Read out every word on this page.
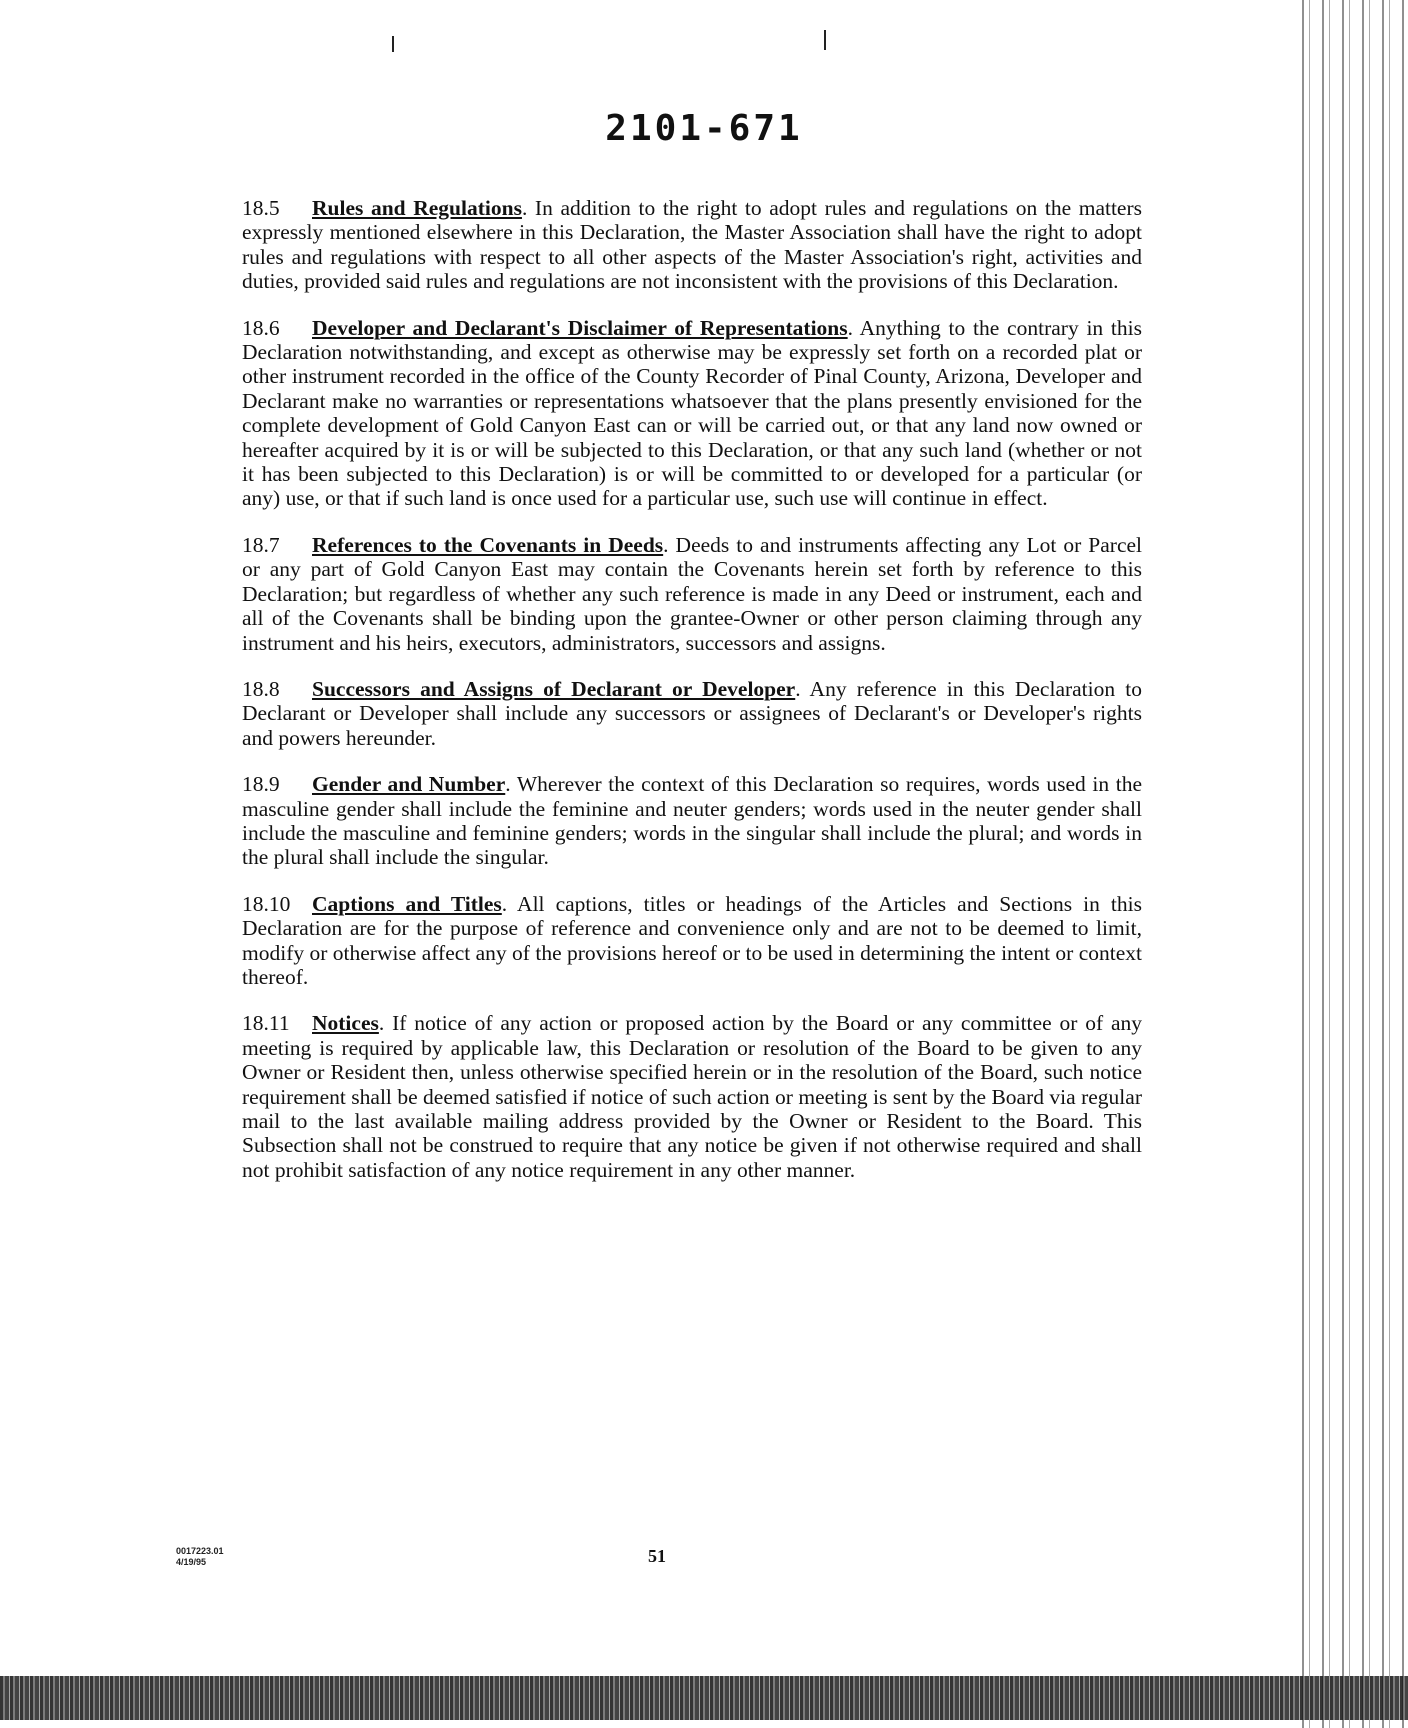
2101-671

18.5 Rules and Regulations. In addition to the right to adopt rules and regulations on the matters expressly mentioned elsewhere in this Declaration, the Master Association shall have the right to adopt rules and regulations with respect to all other aspects of the Master Association's right, activities and duties, provided said rules and regulations are not inconsistent with the provisions of this Declaration.

18.6 Developer and Declarant's Disclaimer of Representations. Anything to the contrary in this Declaration notwithstanding, and except as otherwise may be expressly set forth on a recorded plat or other instrument recorded in the office of the County Recorder of Pinal County, Arizona, Developer and Declarant make no warranties or representations whatsoever that the plans presently envisioned for the complete development of Gold Canyon East can or will be carried out, or that any land now owned or hereafter acquired by it is or will be subjected to this Declaration, or that any such land (whether or not it has been subjected to this Declaration) is or will be committed to or developed for a particular (or any) use, or that if such land is once used for a particular use, such use will continue in effect.

18.7 References to the Covenants in Deeds. Deeds to and instruments affecting any Lot or Parcel or any part of Gold Canyon East may contain the Covenants herein set forth by reference to this Declaration; but regardless of whether any such reference is made in any Deed or instrument, each and all of the Covenants shall be binding upon the grantee-Owner or other person claiming through any instrument and his heirs, executors, administrators, successors and assigns.

18.8 Successors and Assigns of Declarant or Developer. Any reference in this Declaration to Declarant or Developer shall include any successors or assignees of Declarant's or Developer's rights and powers hereunder.

18.9 Gender and Number. Wherever the context of this Declaration so requires, words used in the masculine gender shall include the feminine and neuter genders; words used in the neuter gender shall include the masculine and feminine genders; words in the singular shall include the plural; and words in the plural shall include the singular.

18.10 Captions and Titles. All captions, titles or headings of the Articles and Sections in this Declaration are for the purpose of reference and convenience only and are not to be deemed to limit, modify or otherwise affect any of the provisions hereof or to be used in determining the intent or context thereof.

18.11 Notices. If notice of any action or proposed action by the Board or any committee or of any meeting is required by applicable law, this Declaration or resolution of the Board to be given to any Owner or Resident then, unless otherwise specified herein or in the resolution of the Board, such notice requirement shall be deemed satisfied if notice of such action or meeting is sent by the Board via regular mail to the last available mailing address provided by the Owner or Resident to the Board. This Subsection shall not be construed to require that any notice be given if not otherwise required and shall not prohibit satisfaction of any notice requirement in any other manner.

0017223.01
4/19/95	51
